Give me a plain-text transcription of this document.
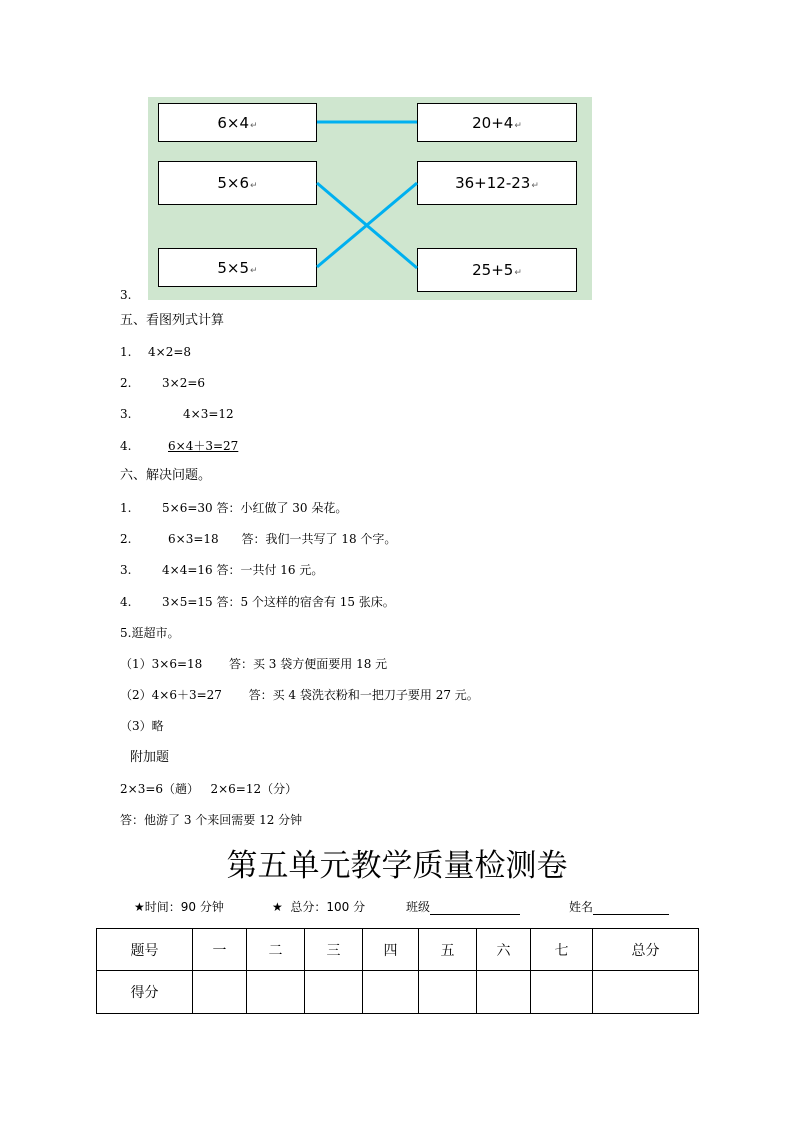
6×4 ↵
5×6 ↵
5×5 ↵
20+4 ↵
36+12-23 ↵
25+5 ↵
3.
五、看图列式计算
1. 4×2=8
2.	3×2=6
3.	4×3=12
4.	6×4＋3=27
六、解决问题。
1.	5×6=30 答：小红做了 30 朵花。
2.	6×3=18      答：我们一共写了 18 个字。
3.	4×4=16 答：一共付 16 元。
4.	3×5=15 答：5 个这样的宿舍有 15 张床。
5.逛超市。
（1）3×6=18       答：买 3 袋方便面要用 18 元
（2）4×6＋3=27       答：买 4 袋洗衣粉和一把刀子要用 27 元。
（3）略
附加题
2×3=6（趟）   2×6=12（分）
答：他游了 3 个来回需要 12 分钟
第五单元教学质量检测卷
★时间：90 分钟	★  总分：100 分	班级	姓名
题号	一	二	三	四	五	六	七	总分
得分								
